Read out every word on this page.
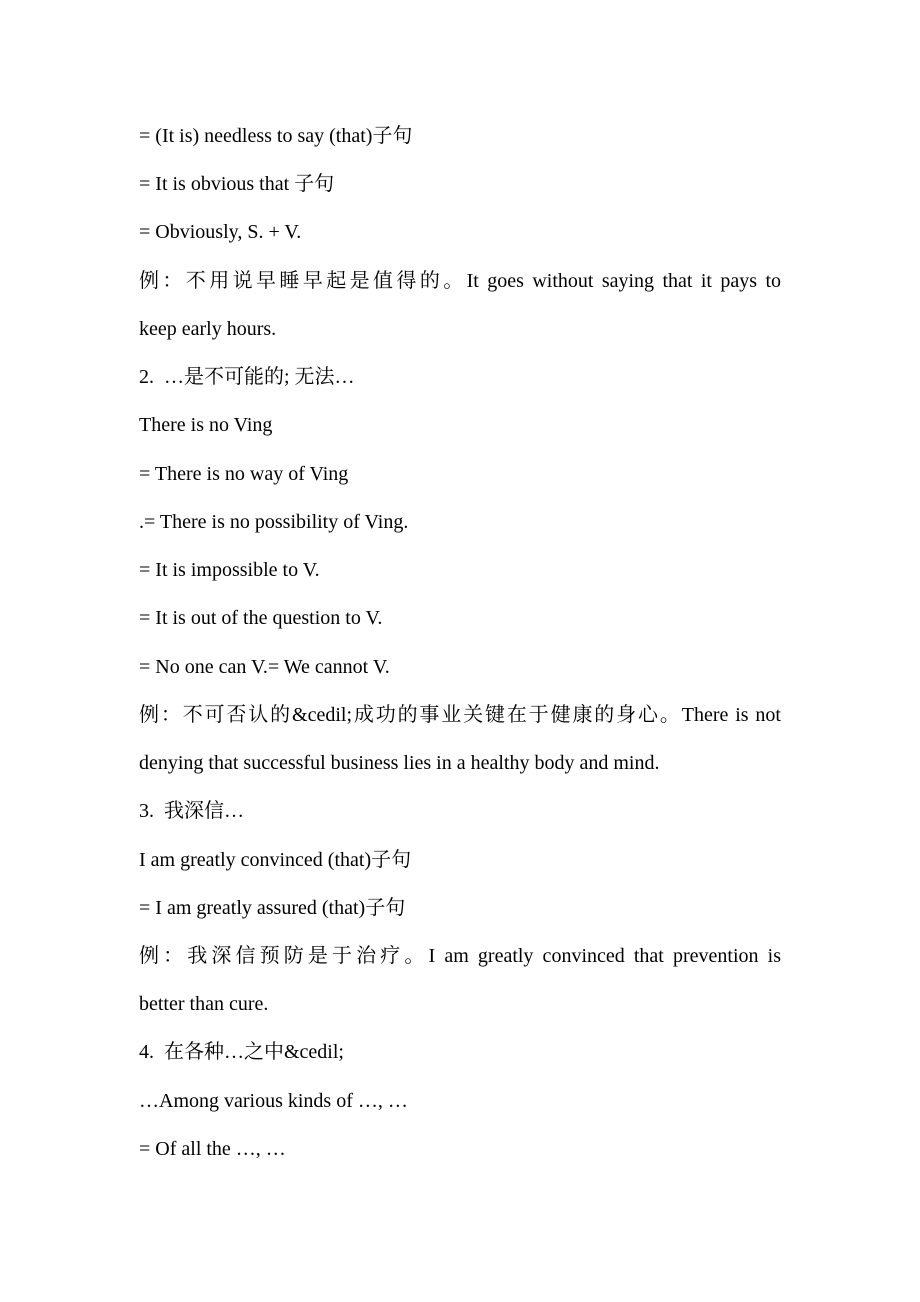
= (It is) needless to say (that)子句
= It is obvious that 子句
= Obviously, S. + V.
例：不用说早睡早起是值得的。It goes without saying that it pays to
keep early hours.
2.  …是不可能的; 无法…
There is no Ving
= There is no way of Ving
.= There is no possibility of Ving.
= It is impossible to V.
= It is out of the question to V.
= No one can V.= We cannot V.
例：不可否认的&cedil;成功的事业关键在于健康的身心。There is not
denying that successful business lies in a healthy body and mind.
3.  我深信…
I am greatly convinced (that)子句
= I am greatly assured (that)子句
例：我深信预防是于治疗。I am greatly convinced that prevention is
better than cure.
4.  在各种…之中&cedil;
…Among various kinds of …, …
= Of all the …, …
